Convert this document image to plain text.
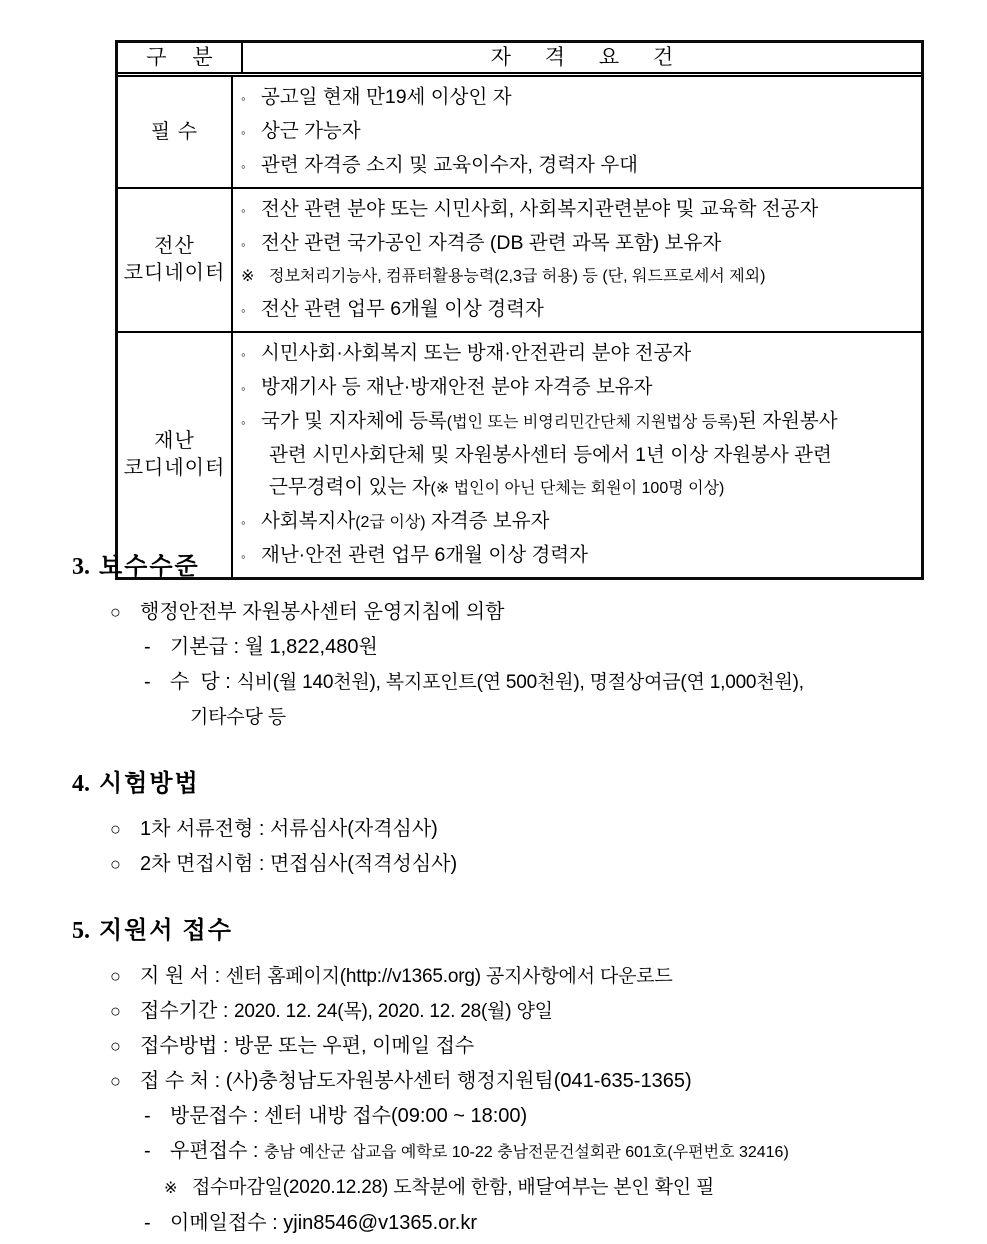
구 분	자 격 요 건
필 수
◦ 공고일 현재 만19세 이상인 자
◦ 상근 가능자
◦ 관련 자격증 소지 및 교육이수자, 경력자 우대
전산
코디네이터
◦ 전산 관련 분야 또는 시민사회, 사회복지관련분야 및 교육학 전공자
◦ 전산 관련 국가공인 자격증 (DB 관련 과목 포함) 보유자
※ 정보처리기능사, 컴퓨터활용능력(2,3급 허용) 등 (단, 워드프로세서 제외)
◦ 전산 관련 업무 6개월 이상 경력자
재난
코디네이터
◦ 시민사회·사회복지 또는 방재·안전관리 분야 전공자
◦ 방재기사 등 재난·방재안전 분야 자격증 보유자
◦ 국가 및 지자체에 등록 (법인 또는 비영리민간단체 지원법상 등록) 된 자원봉사
관련 시민사회단체 및 자원봉사센터 등에서 1년 이상 자원봉사 관련
근무경력이 있는 자 (※ 법인이 아닌 단체는 회원이 100명 이상)
◦ 사회복지사 (2급 이상) 자격증 보유자
◦ 재난·안전 관련 업무 6개월 이상 경력자
3. 보수수준
○ 행정안전부 자원봉사센터 운영지침에 의함
- 기본급 : 월 1,822,480원
- 수  당 : 식비(월 140천원), 복지포인트(연 500천원), 명절상여금(연 1,000천원),
기타수당 등
4. 시험방법
○ 1차 서류전형 : 서류심사(자격심사)
○ 2차 면접시험 : 면접심사(적격성심사)
5. 지원서 접수
○ 지 원 서 : 센터 홈페이지(http://v1365.org) 공지사항에서 다운로드
○ 접수기간 : 2020. 12. 24(목), 2020. 12. 28(월) 양일
○ 접수방법 : 방문 또는 우편, 이메일 접수
○ 접 수 처 : (사)충청남도자원봉사센터 행정지원팀(041-635-1365)
- 방문접수 : 센터 내방 접수(09:00 ~ 18:00)
- 우편접수 : 충남 예산군 삽교읍 예학로 10-22 충남전문건설회관 601호(우편번호 32416)
※ 접수마감일(2020.12.28) 도착분에 한함, 배달여부는 본인 확인 필
- 이메일접수 : yjin8546@v1365.or.kr
